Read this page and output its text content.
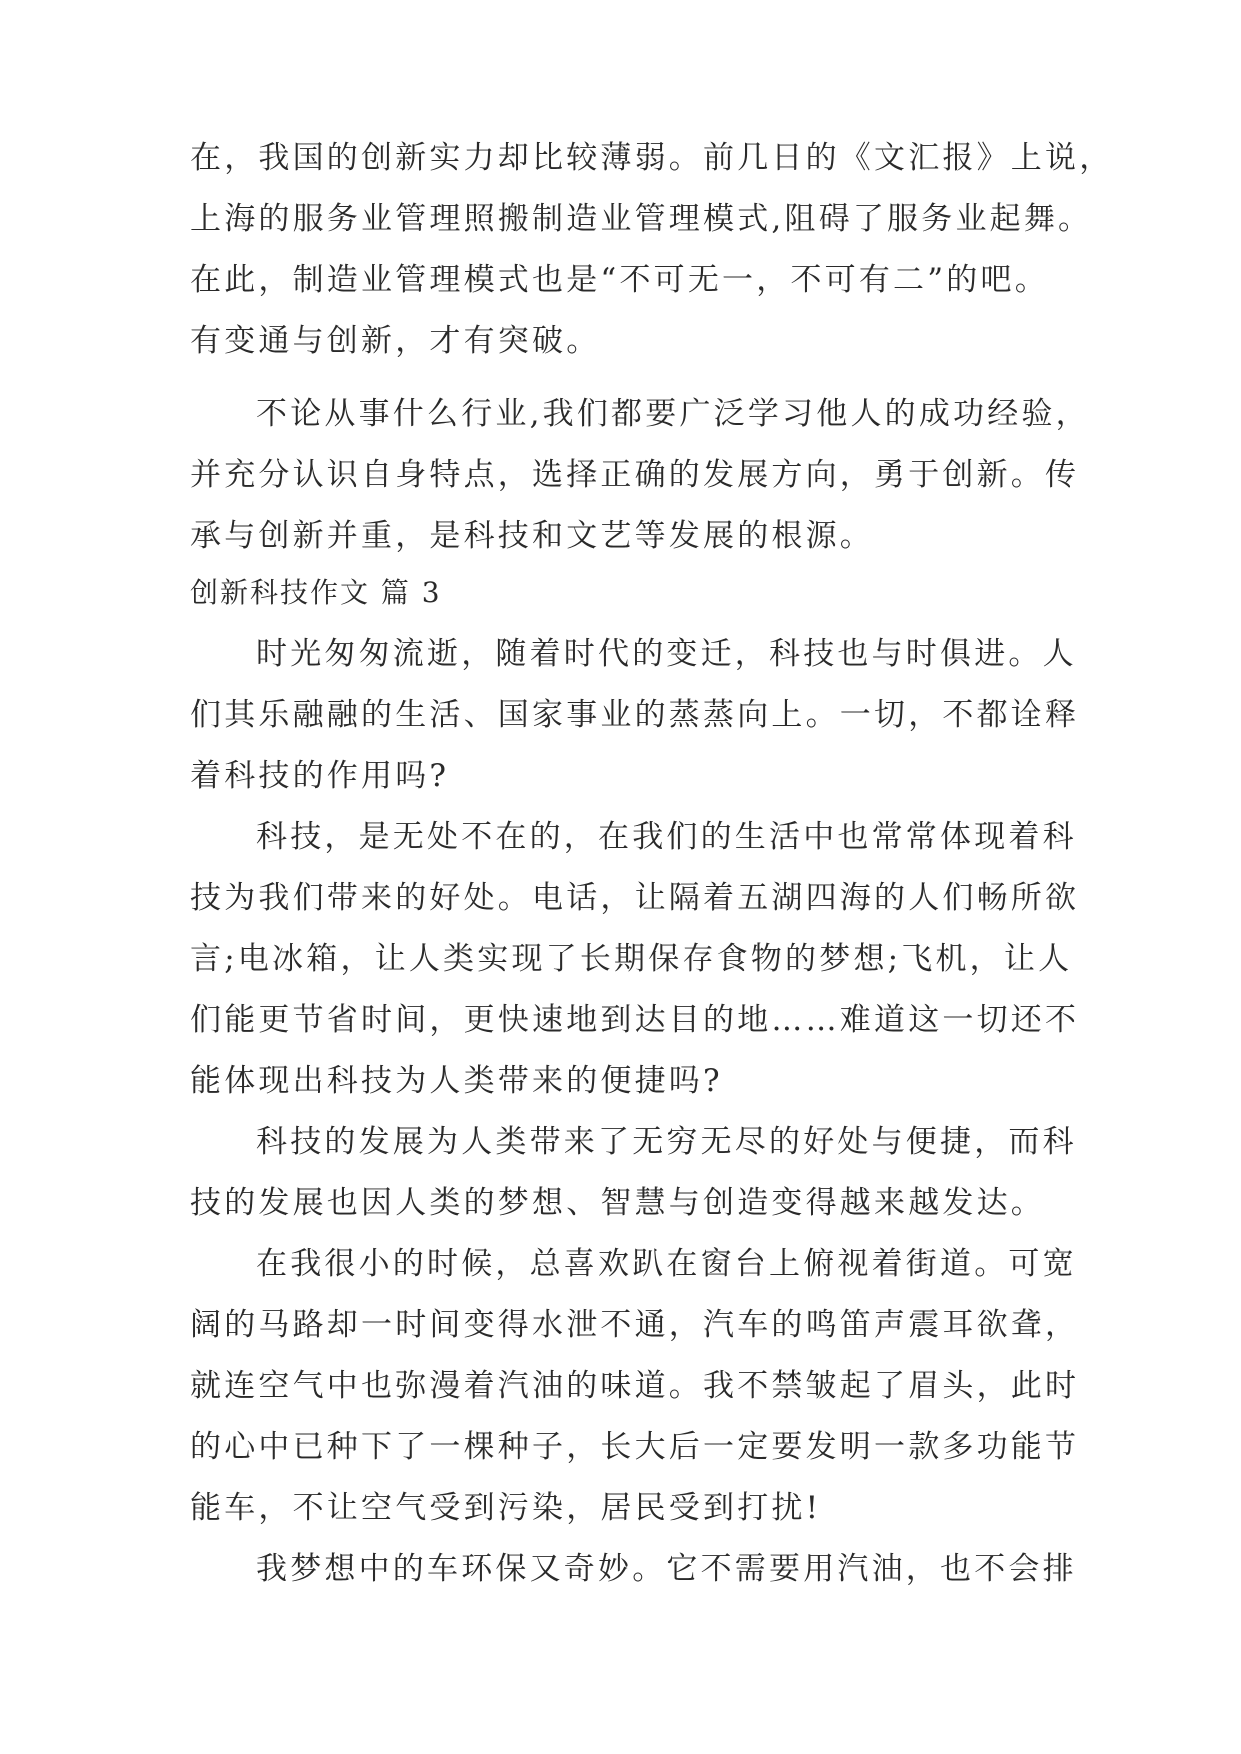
在，我国的创新实力却比较薄弱。前几日的《文汇报》上说，
上海的服务业管理照搬制造业管理模式,阻碍了服务业起舞。
在此，制造业管理模式也是“不可无一，不可有二”的吧。
有变通与创新，才有突破。
不论从事什么行业,我们都要广泛学习他人的成功经验，
并充分认识自身特点，选择正确的发展方向，勇于创新。传
承与创新并重，是科技和文艺等发展的根源。
创新科技作文 篇 3
时光匆匆流逝，随着时代的变迁，科技也与时俱进。人
们其乐融融的生活、国家事业的蒸蒸向上。一切，不都诠释
着科技的作用吗?
科技，是无处不在的，在我们的生活中也常常体现着科
技为我们带来的好处。电话，让隔着五湖四海的人们畅所欲
言;电冰箱，让人类实现了长期保存食物的梦想;飞机，让人
们能更节省时间，更快速地到达目的地……难道这一切还不
能体现出科技为人类带来的便捷吗?
科技的发展为人类带来了无穷无尽的好处与便捷，而科
技的发展也因人类的梦想、智慧与创造变得越来越发达。
在我很小的时候，总喜欢趴在窗台上俯视着街道。可宽
阔的马路却一时间变得水泄不通，汽车的鸣笛声震耳欲聋，
就连空气中也弥漫着汽油的味道。我不禁皱起了眉头，此时
的心中已种下了一棵种子，长大后一定要发明一款多功能节
能车，不让空气受到污染，居民受到打扰!
我梦想中的车环保又奇妙。它不需要用汽油，也不会排
